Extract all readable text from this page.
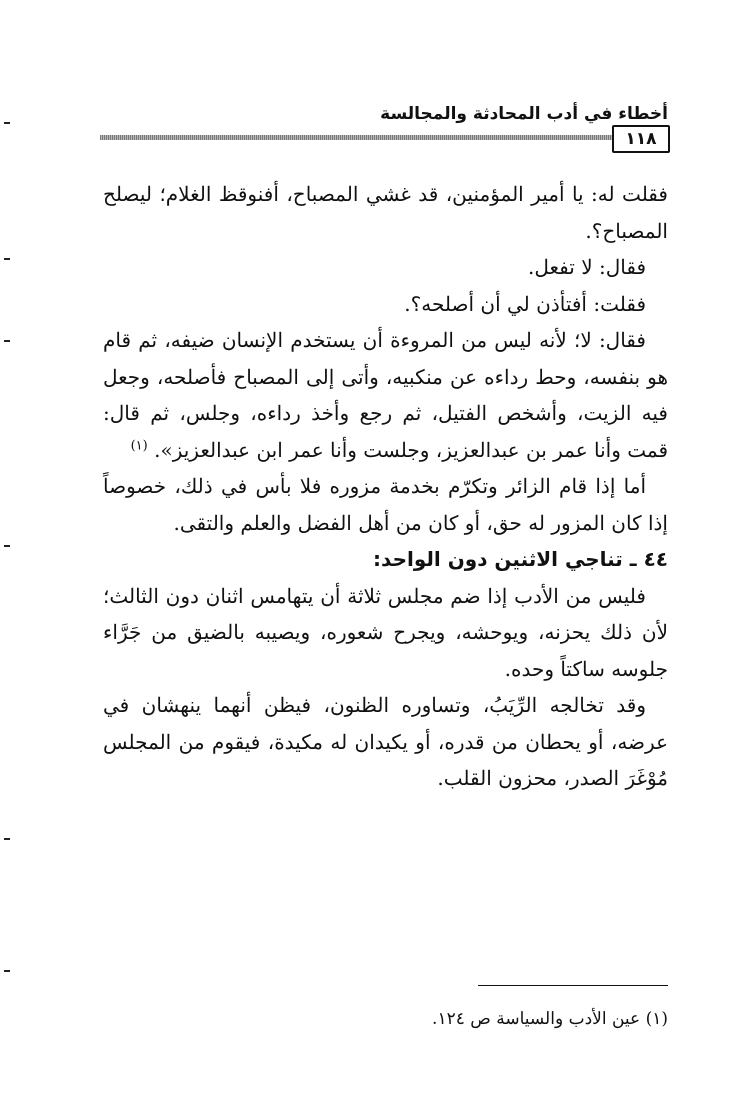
أخطاء في أدب المحادثة والمجالسة
١١٨

فقلت له: يا أمير المؤمنين، قد غشي المصباح، أفنوقظ الغلام؛ ليصلح المصباح؟.

فقال: لا تفعل.

فقلت: أفتأذن لي أن أصلحه؟.

فقال: لا؛ لأنه ليس من المروءة أن يستخدم الإنسان ضيفه، ثم قام هو بنفسه، وحط رداءه عن منكبيه، وأتى إلى المصباح فأصلحه، وجعل فيه الزيت، وأشخص الفتيل، ثم رجع وأخذ رداءه، وجلس، ثم قال: قمت وأنا عمر بن عبدالعزيز، وجلست وأنا عمر ابن عبدالعزيز». $^{(١)}$

أما إذا قام الزائر وتكرّم بخدمة مزوره فلا بأس في ذلك، خصوصاً إذا كان المزور له حق، أو كان من أهل الفضل والعلم والتقى.

٤٤ ـ تناجي الاثنين دون الواحد:

فليس من الأدب إذا ضم مجلس ثلاثة أن يتهامس اثنان دون الثالث؛ لأن ذلك يحزنه، ويوحشه، ويجرح شعوره، ويصيبه بالضيق من جَرَّاء جلوسه ساكتاً وحده.

وقد تخالجه الرِّيَبُ، وتساوره الظنون، فيظن أنهما ينهشان في عرضه، أو يحطان من قدره، أو يكيدان له مكيدة، فيقوم من المجلس مُوْغَرَ الصدر، محزون القلب.

(١) عين الأدب والسياسة ص ١٢٤.
